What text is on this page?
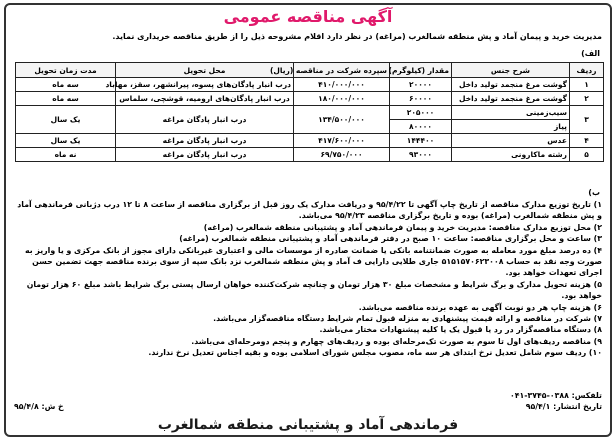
آگهی مناقصه عمومی
مدیریت خرید و پیمان آماد و پش منطقه شمالغرب (مراغه) در نظر دارد اقلام مشروحه ذیل را از طریق مناقصه خریداری نماید.
الف)
ردیف	شرح جنس	مقدار (کیلوگرم)	سپرده شرکت در مناقصه (ریال)	محل تحویل	مدت زمان تحویل
۱	گوشت مرغ منجمد تولید داخل	۲۰۰۰۰	۴۱۰/۰۰۰/۰۰۰	درب انبار پادگان‌های پسوه، پیرانشهر، سقز، مهاباد	سه ماه
۲	گوشت مرغ منجمد تولید داخل	۶۰۰۰۰	۱۸۰/۰۰۰/۰۰۰	درب انبار پادگان‌های ارومیه، قوشچی، سلماس	سه ماه
۳	سیب‌زمینی	۲۰۵۰۰۰	۱۳۴/۵۰۰/۰۰۰	درب انبار پادگان مراغه	یک سال
	پیاز	۸۰۰۰۰			
۴	عدس	۱۴۴۴۰۰	۴۱۷/۶۰۰/۰۰۰	درب انبار پادگان مراغه	یک سال
۵	رشته ماکارونی	۹۳۰۰۰	۶۹/۷۵۰/۰۰۰	درب انبار پادگان مراغه	نه ماه
ب)

۱) تاریخ توزیع مدارک مناقصه از تاریخ چاپ آگهی تا ۹۵/۴/۲۲ و دریافت مدارک یک روز قبل از برگزاری مناقصه از ساعت ۸ تا ۱۲ درب دژبانی فرماندهی آماد و پش منطقه شمالغرب (مراغه) بوده و تاریخ برگزاری مناقصه ۹۵/۴/۲۳ می‌باشد.

۲) محل توزیع مدارک مناقصه: مدیریت خرید و پیمان فرماندهی آماد و پشتیبانی منطقه شمالغرب (مراغه)

۳) ساعت و محل برگزاری مناقصه: ساعت ۱۰ صبح در دفتر فرماندهی آماد و پشتیبانی منطقه شمالغرب (مراغه)

۴) ده درصد مبلغ مورد معامله به صورت ضمانتنامه بانکی یا ضمانت صادره از موسسات مالی و اعتباری غیربانکی دارای مجوز از بانک مرکزی و یا واریز به صورت وجه نقد به حساب ۵۱۵۱۵۷۰۶۲۳۰۰۸ جاری طلایی دارایی ف آماد و پش منطقه شمالغرب نزد بانک سپه از سوی برنده مناقصه جهت تضمین حسن اجرای تعهدات خواهد بود.

۵) هزینه تحویل مدارک و برگ شرایط و مشخصات مبلغ ۳۰ هزار تومان و چنانچه شرکت‌کننده خواهان ارسال پستی برگ شرایط باشد مبلغ ۶۰ هزار تومان خواهد بود.

۶) هزینه چاپ هر دو نوبت آگهی به عهده برنده مناقصه می‌باشد.

۷) شرکت در مناقصه و ارائه قیمت پیشنهادی به منزله قبول تمام شرایط دستگاه مناقصه‌گزار می‌باشد.

۸) دستگاه مناقصه‌گزار در رد یا قبول یک یا کلیه پیشنهادات مختار می‌باشد.

۹) مناقصه ردیف‌های اول تا سوم به صورت تک‌مرحله‌ای بوده و ردیف‌های چهارم و پنجم دومرحله‌ای می‌باشد.

۱۰) ردیف سوم شامل تعدیل نرخ ابتدای هر سه ماه، مصوب مجلس شورای اسلامی بوده و بقیه اجناس تعدیل نرخ ندارند.

تلفکس: ۰۳۸۸-۳۷۴۵-۰۴۱
تاریخ انتشار: ۹۵/۴/۱
خ ش: ۹۵/۴/۸
فرماندهی آماد و پشتیبانی منطقه شمالغرب
